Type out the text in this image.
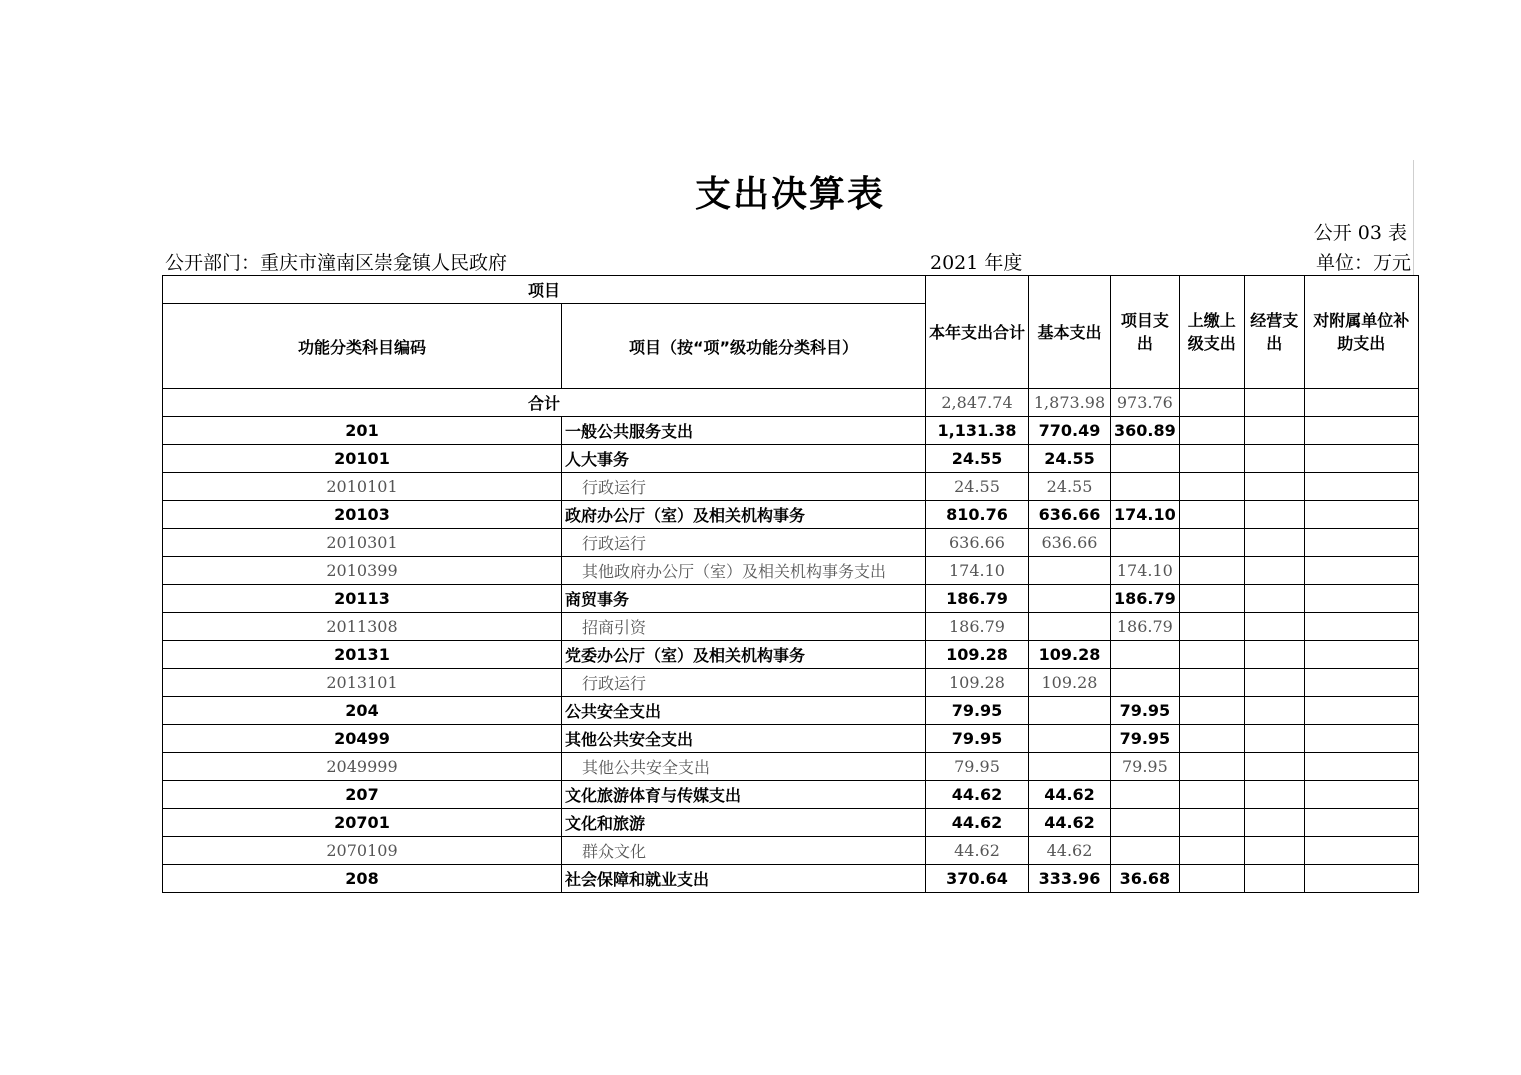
支出决算表
公开 03 表
公开部门：重庆市潼南区崇龛镇人民政府	2021 年度	单位：万元
项目		本年支出合计	基本支出	项目支出	上缴上级支出	经营支出	对附属单位补助支出
功能分类科目编码	项目（按“项”级功能分类科目）						
合计		2,847.74	1,873.98	973.76			
201	一般公共服务支出	1,131.38	770.49	360.89			
20101	人大事务	24.55	24.55				
2010101	行政运行	24.55	24.55				
20103	政府办公厅（室）及相关机构事务	810.76	636.66	174.10			
2010301	行政运行	636.66	636.66				
2010399	其他政府办公厅（室）及相关机构事务支出	174.10		174.10			
20113	商贸事务	186.79		186.79			
2011308	招商引资	186.79		186.79			
20131	党委办公厅（室）及相关机构事务	109.28	109.28				
2013101	行政运行	109.28	109.28				
204	公共安全支出	79.95		79.95			
20499	其他公共安全支出	79.95		79.95			
2049999	其他公共安全支出	79.95		79.95			
207	文化旅游体育与传媒支出	44.62	44.62				
20701	文化和旅游	44.62	44.62				
2070109	群众文化	44.62	44.62				
208	社会保障和就业支出	370.64	333.96	36.68			
